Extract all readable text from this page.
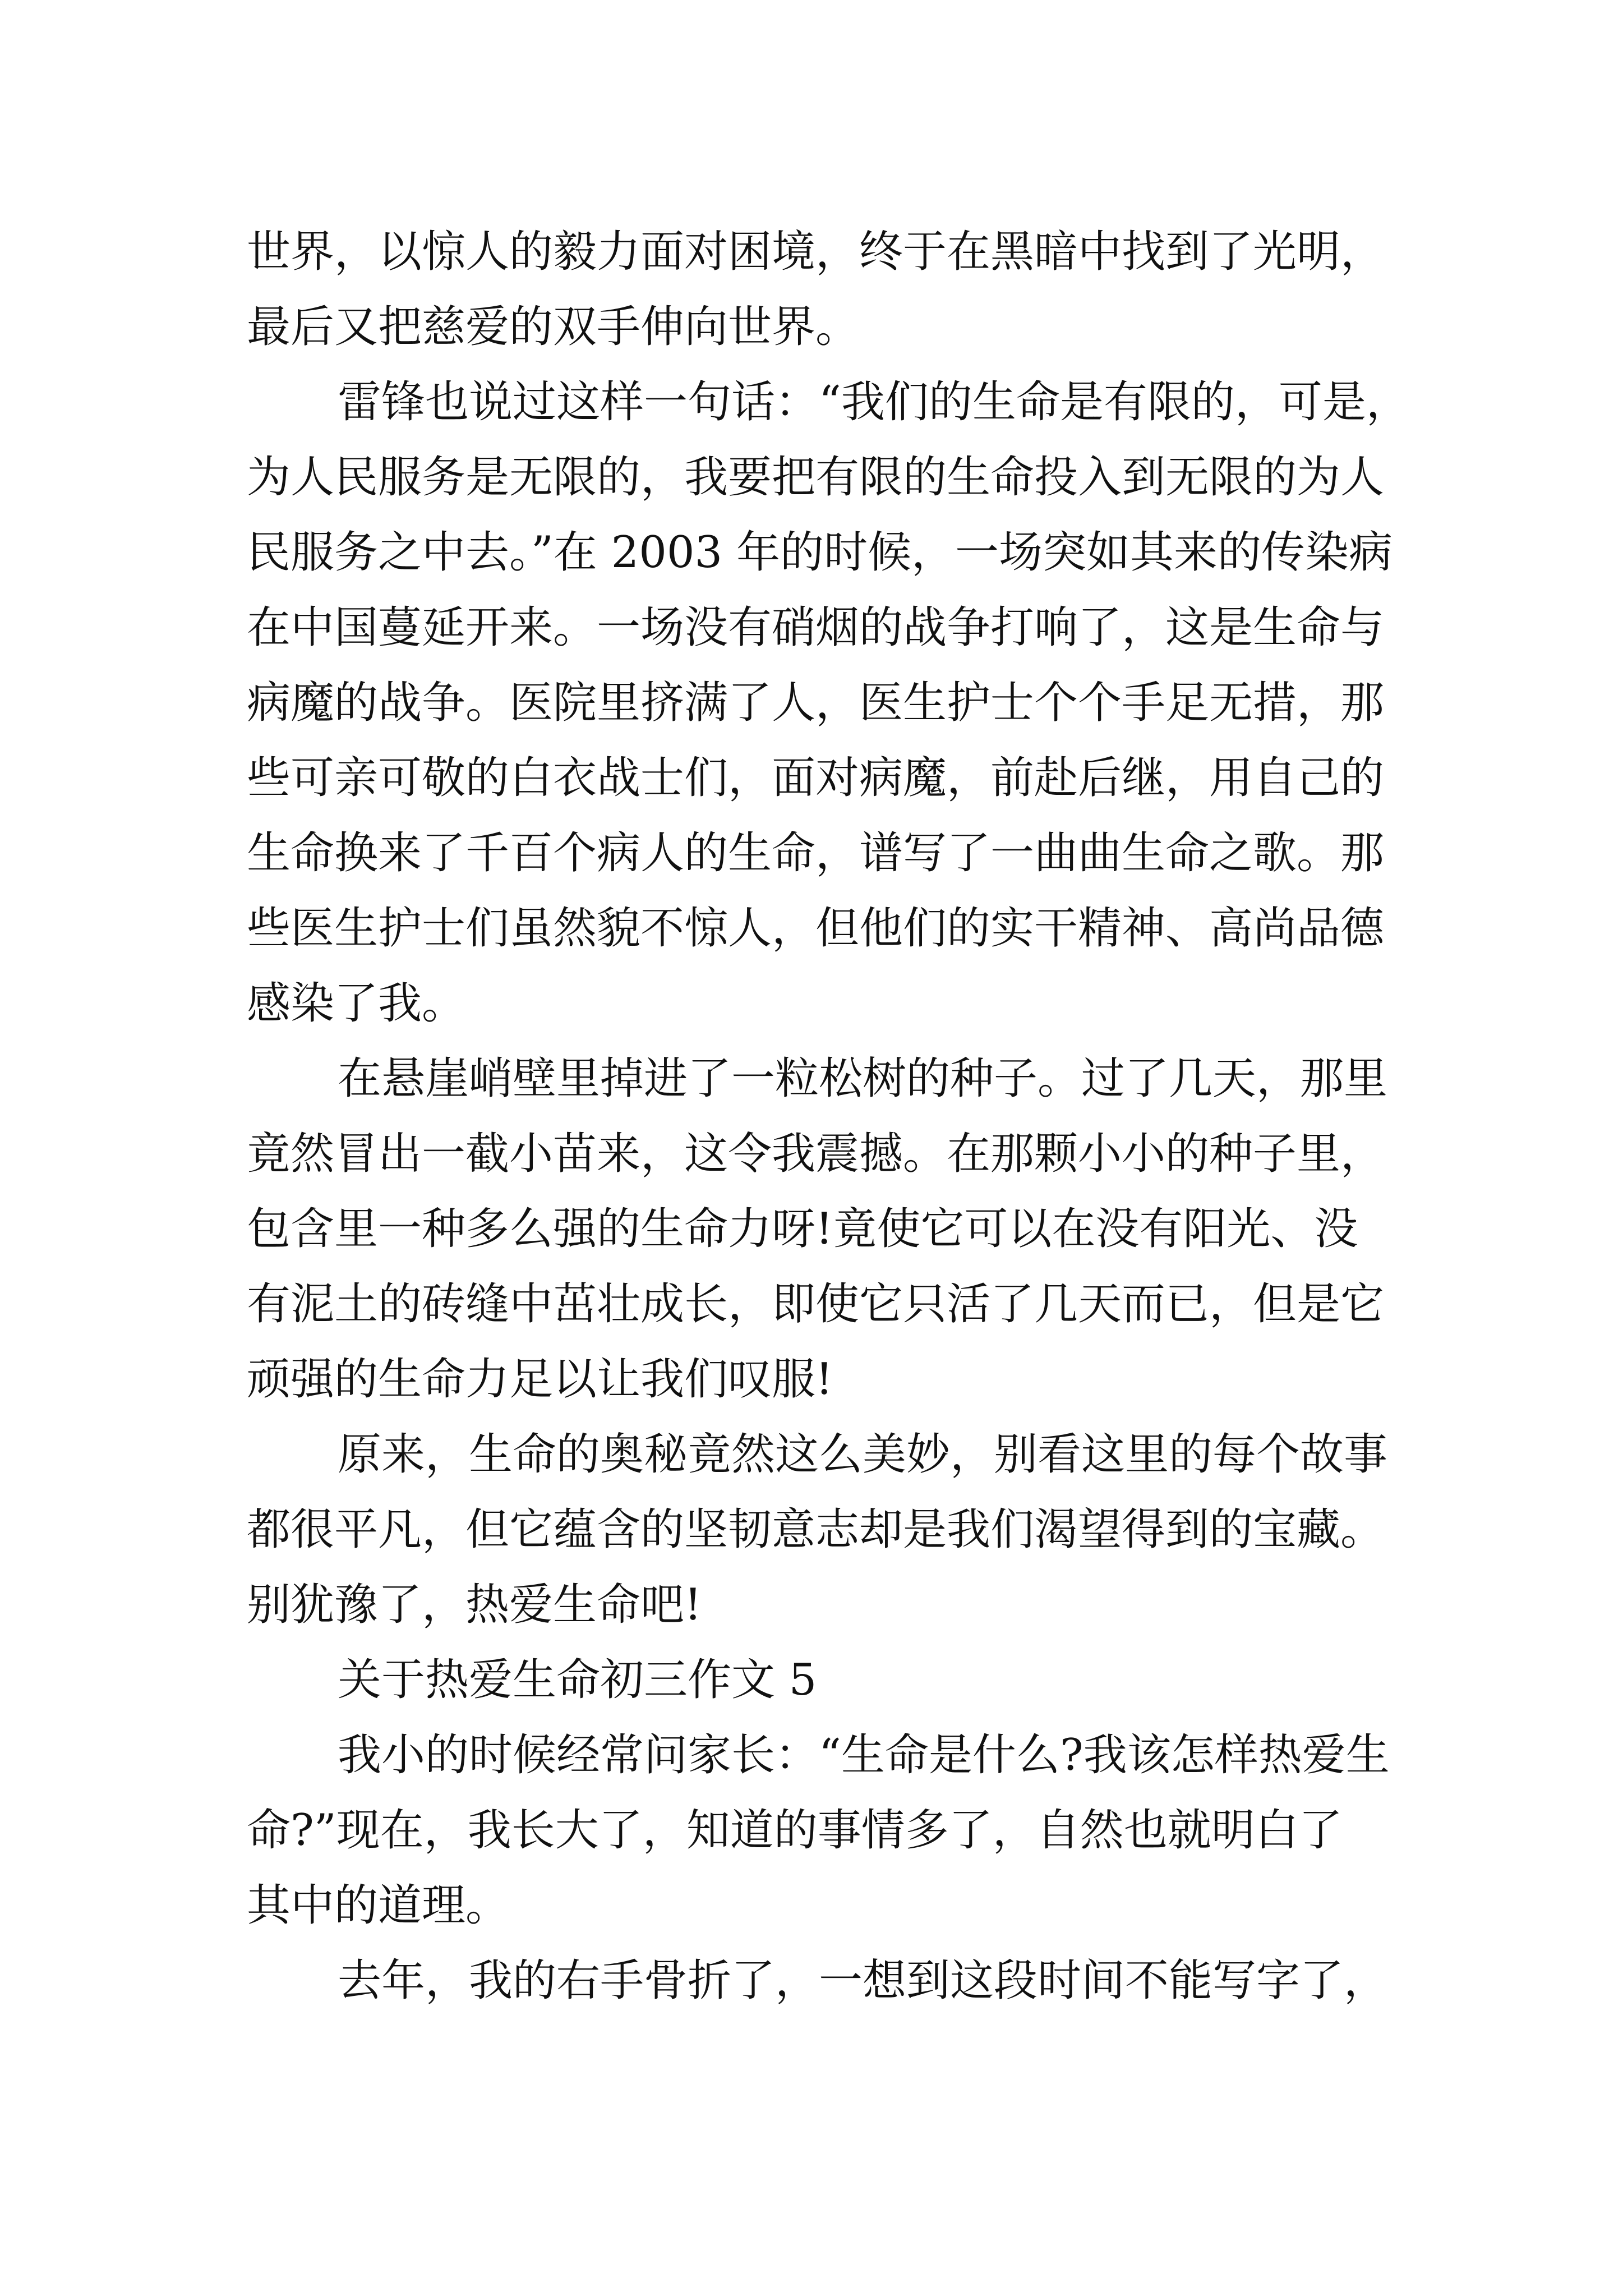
世界，以惊人的毅力面对困境，终于在黑暗中找到了光明，
最后又把慈爱的双手伸向世界。
雷锋也说过这样一句话：“我们的生命是有限的，可是，
为人民服务是无限的，我要把有限的生命投入到无限的为人
民服务之中去。”在 2003 年的时候，一场突如其来的传染病
在中国蔓延开来。一场没有硝烟的战争打响了，这是生命与
病魔的战争。医院里挤满了人，医生护士个个手足无措，那
些可亲可敬的白衣战士们，面对病魔，前赴后继，用自己的
生命换来了千百个病人的生命，谱写了一曲曲生命之歌。那
些医生护士们虽然貌不惊人，但他们的实干精神、高尚品德
感染了我。
在悬崖峭壁里掉进了一粒松树的种子。过了几天，那里
竟然冒出一截小苗来，这令我震撼。在那颗小小的种子里，
包含里一种多么强的生命力呀!竟使它可以在没有阳光、没
有泥土的砖缝中茁壮成长，即使它只活了几天而已，但是它
顽强的生命力足以让我们叹服!
原来，生命的奥秘竟然这么美妙，别看这里的每个故事
都很平凡，但它蕴含的坚韧意志却是我们渴望得到的宝藏。
别犹豫了，热爱生命吧!
关于热爱生命初三作文 5
我小的时候经常问家长：“生命是什么?我该怎样热爱生
命?”现在，我长大了，知道的事情多了，自然也就明白了
其中的道理。
去年，我的右手骨折了，一想到这段时间不能写字了，
